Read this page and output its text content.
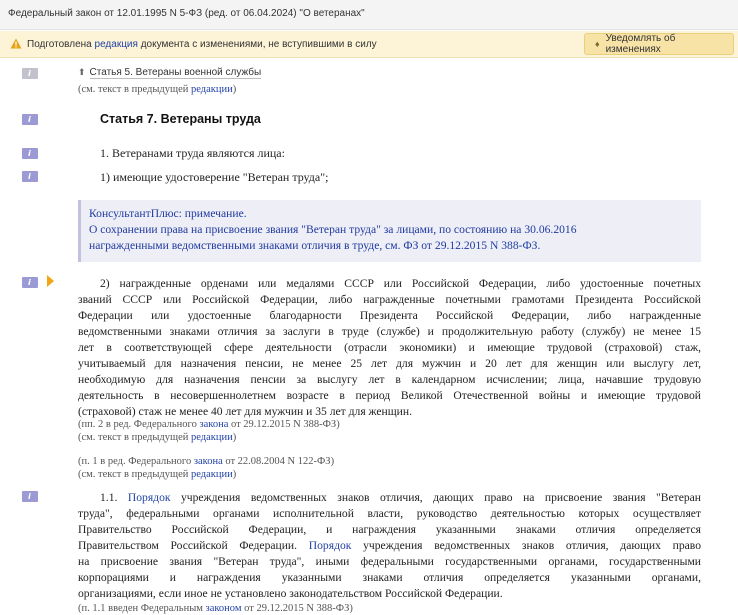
Федеральный закон от 12.01.1995 N 5-ФЗ (ред. от 06.04.2024) "О ветеранах"
Подготовлена редакция документа с изменениями, не вступившими в силу	♦ Уведомлять об изменениях
i
i
i
i
i
i
⬆ Статья 5. Ветераны военной службы
(см. текст в предыдущей редакции)
Статья 7. Ветераны труда
1. Ветеранами труда являются лица:
1) имеющие удостоверение "Ветеран труда";
КонсультантПлюс: примечание.
О сохранении права на присвоение звания "Ветеран труда" за лицами, по состоянию на 30.06.2016
награжденными ведомственными знаками отличия в труде, см. ФЗ от 29.12.2015 N 388-ФЗ.
2) награжденные орденами или медалями СССР или Российской Федерации, либо удостоенные почетных
званий СССР или Российской Федерации, либо награжденные почетными грамотами Президента Российской
Федерации или удостоенные благодарности Президента Российской Федерации, либо награжденные
ведомственными знаками отличия за заслуги в труде (службе) и продолжительную работу (службу) не менее 15
лет в соответствующей сфере деятельности (отрасли экономики) и имеющие трудовой (страховой) стаж,
учитываемый для назначения пенсии, не менее 25 лет для мужчин и 20 лет для женщин или выслугу лет,
необходимую для назначения пенсии за выслугу лет в календарном исчислении; лица, начавшие трудовую
деятельность в несовершеннолетнем возрасте в период Великой Отечественной войны и имеющие трудовой
(страховой) стаж не менее 40 лет для мужчин и 35 лет для женщин.
(пп. 2 в ред. Федерального закона от 29.12.2015 N 388-ФЗ)
(см. текст в предыдущей редакции)
(п. 1 в ред. Федерального закона от 22.08.2004 N 122-ФЗ)
(см. текст в предыдущей редакции)
1.1. Порядок учреждения ведомственных знаков отличия, дающих право на присвоение звания "Ветеран
труда", федеральными органами исполнительной власти, руководство деятельностью которых осуществляет
Правительство Российской Федерации, и награждения указанными знаками отличия определяется
Правительством Российской Федерации. Порядок учреждения ведомственных знаков отличия, дающих право
на присвоение звания "Ветеран труда", иными федеральными государственными органами, государственными
корпорациями и награждения указанными знаками отличия определяется указанными органами,
организациями, если иное не установлено законодательством Российской Федерации.
(п. 1.1 введен Федеральным законом от 29.12.2015 N 388-ФЗ)
